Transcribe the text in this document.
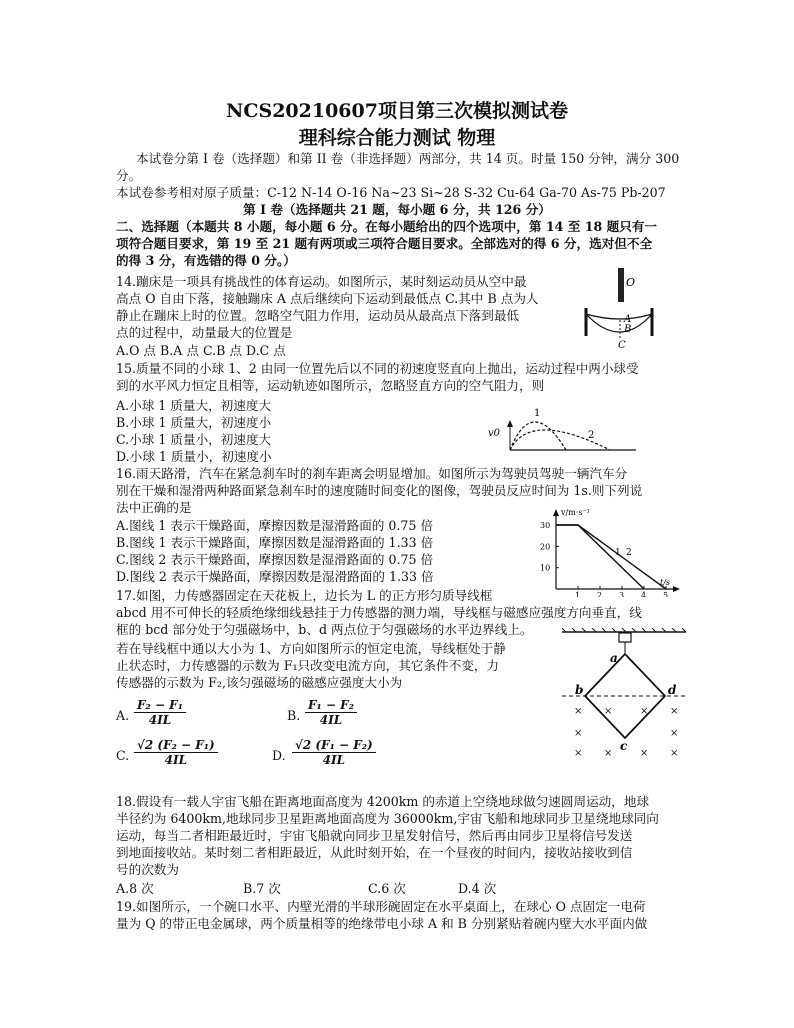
NCS20210607项目第三次模拟测试卷
理科综合能力测试 物理
本试卷分第 I 卷（选择题）和第 II 卷（非选择题）两部分，共 14 页。时量 150 分钟，满分 300
分。
本试卷参考相对原子质量：C-12 N-14 O-16 Na~23 Si~28 S-32 Cu-64 Ga-70 As-75 Pb-207
第 I 卷（选择题共 21 题，每小题 6 分，共 126 分）
二、选择题（本题共 8 小题，每小题 6 分。在每小题给出的四个选项中，第 14 至 18 题只有一
项符合题目要求，第 19 至 21 题有两项或三项符合题目要求。全部选对的得 6 分，选对但不全
的得 3 分，有选错的得 0 分。）
14.蹦床是一项具有挑战性的体育运动。如图所示，某时刻运动员从空中最
高点 O 自由下落，接触蹦床 A 点后继续向下运动到最低点 C.其中 B 点为人
静止在蹦床上时的位置。忽略空气阻力作用，运动员从最高点下落到最低
点的过程中，动量最大的位置是
A.O 点 B.A 点 C.B 点 D.C 点
O
A
B
C
15.质量不同的小球 1、2 由同一位置先后以不同的初速度竖直向上抛出，运动过程中两小球受
到的水平风力恒定且相等，运动轨迹如图所示，忽略竖直方向的空气阻力，则
A.小球 1 质量大，初速度大
B.小球 1 质量大，初速度小
C.小球 1 质量小，初速度大
D.小球 1 质量小，初速度小
v0
1
2
16.雨天路滑，汽车在紧急刹车时的刹车距离会明显增加。如图所示为驾驶员驾驶一辆汽车分
别在干燥和湿滑两种路面紧急刹车时的速度随时间变化的图像，驾驶员反应时间为 1s.则下列说
法中正确的是
A.图线 1 表示干燥路面，摩擦因数是湿滑路面的 0.75 倍
B.图线 1 表示干燥路面，摩擦因数是湿滑路面的 1.33 倍
C.图线 2 表示干燥路面，摩擦因数是湿滑路面的 0.75 倍
D.图线 2 表示干燥路面，摩擦因数是湿滑路面的 1.33 倍
v/m·s⁻¹
t/s
1 2 3 4 5
10
20
30
1 2
17.如图，力传感器固定在天花板上，边长为 L 的正方形匀质导线框
abcd 用不可伸长的轻质绝缘细线悬挂于力传感器的测力端，导线框与磁感应强度方向垂直，线
框的 bcd 部分处于匀强磁场中，b、d 两点位于匀强磁场的水平边界线上。
若在导线框中通以大小为 1、方向如图所示的恒定电流，导线框处于静
止状态时，力传感器的示数为 F₁只改变电流方向，其它条件不变，力
传感器的示数为 F₂,该匀强磁场的磁感应强度大小为
A. $\frac{\text{F₂ − F₁}}{4IL}$	B. $\frac{\text{F₁ − F₂}}{4IL}$
C. $\frac{\text{√2 (F₂ − F₁)}}{4IL}$	D. $\frac{\text{√2 (F₁ − F₂)}}{4IL}$
a
b	d
c
× ×	× ×
×	×
× ×	× ×
18.假设有一载人宇宙飞船在距离地面高度为 4200km 的赤道上空绕地球做匀速圆周运动，地球
半径约为 6400km,地球同步卫星距离地面高度为 36000km,宇宙飞船和地球同步卫星绕地球同向
运动，每当二者相距最近时，宇宙飞船就向同步卫星发射信号，然后再由同步卫星将信号发送
到地面接收站。某时刻二者相距最近，从此时刻开始，在一个昼夜的时间内，接收站接收到信
号的次数为
A.8 次	B.7 次	C.6 次	D.4 次
19.如图所示，一个碗口水平、内壁光滑的半球形碗固定在水平桌面上，在球心 O 点固定一电荷
量为 Q 的带正电金属球，两个质量相等的绝缘带电小球 A 和 B 分别紧贴着碗内壁大水平面内做
